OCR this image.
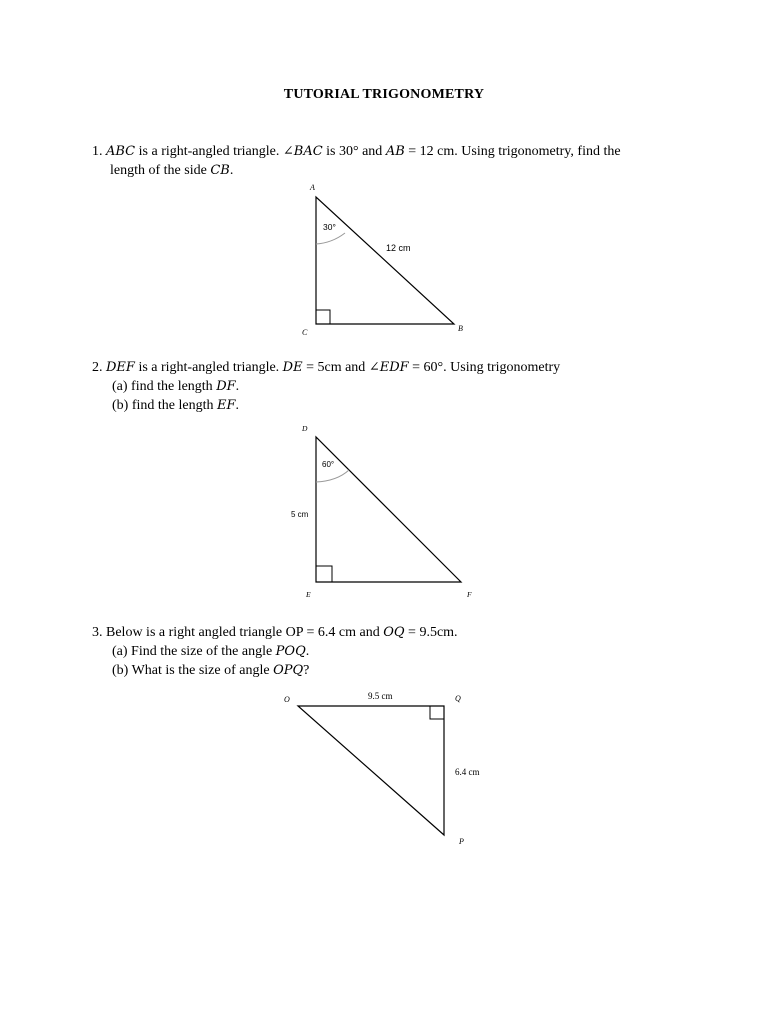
TUTORIAL TRIGONOMETRY
1. ABC is a right-angled triangle. ∠BAC is 30° and AB = 12 cm. Using trigonometry, find the
length of the side CB.
A
B
C
30°
12 cm
2. DEF is a right-angled triangle. DE = 5cm and ∠EDF = 60°. Using trigonometry
(a) find the length DF.
(b) find the length EF.
D
E	F
60°
5 cm
3. Below is a right angled triangle OP = 6.4 cm and OQ = 9.5cm.
(a) Find the size of the angle POQ.
(b) What is the size of angle OPQ?
O	Q
P
9.5 cm
6.4 cm
